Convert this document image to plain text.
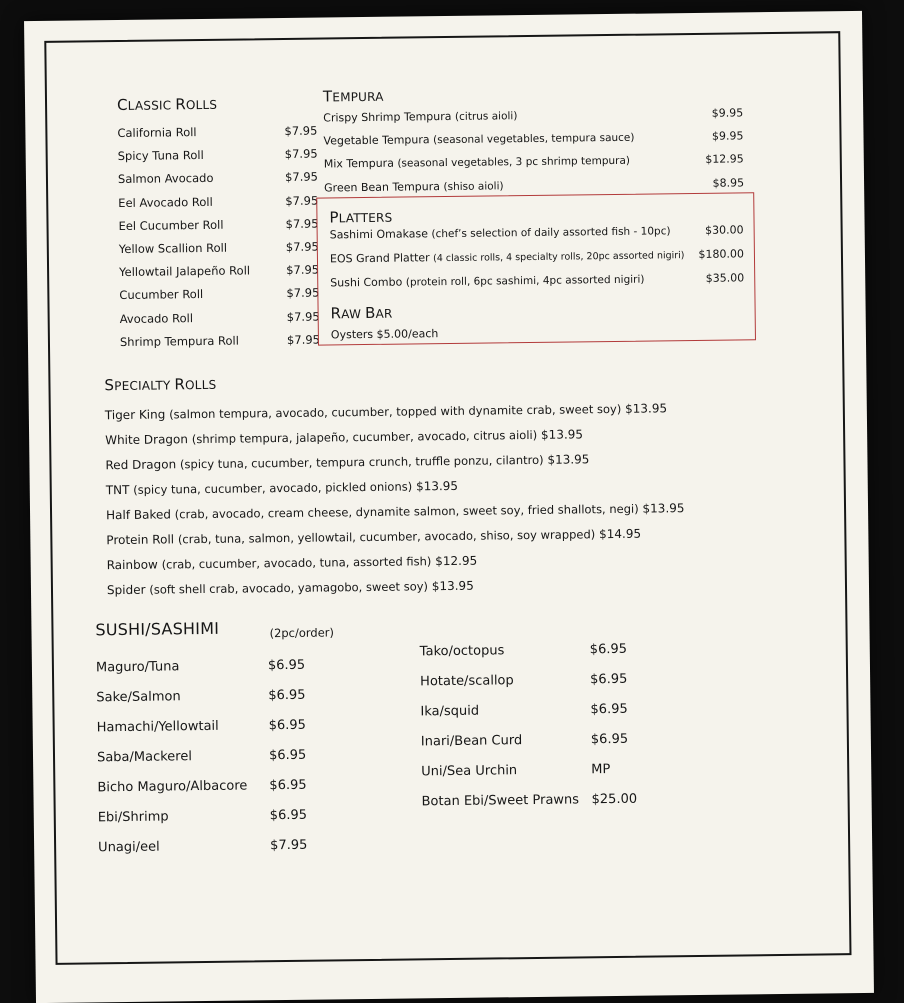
CLASSIC ROLLS
California Roll	$7.95
Spicy Tuna Roll	$7.95
Salmon Avocado	$7.95
Eel Avocado Roll	$7.95
Eel Cucumber Roll	$7.95
Yellow Scallion Roll	$7.95
Yellowtail Jalapeño Roll	$7.95
Cucumber Roll	$7.95
Avocado Roll	$7.95
Shrimp Tempura Roll	$7.95
TEMPURA
Crispy Shrimp Tempura (citrus aioli)	$9.95
Vegetable Tempura (seasonal vegetables, tempura sauce)	$9.95
Mix Tempura (seasonal vegetables, 3 pc shrimp tempura)	$12.95
Green Bean Tempura (shiso aioli)	$8.95
PLATTERS
Sashimi Omakase (chef’s selection of daily assorted fish - 10pc)	$30.00
EOS Grand Platter (4 classic rolls, 4 specialty rolls, 20pc assorted nigiri) $180.00
Sushi Combo (protein roll, 6pc sashimi, 4pc assorted nigiri)	$35.00
RAW BAR
Oysters
$5.00/each
SPECIALTY ROLLS
Tiger King (salmon tempura, avocado, cucumber, topped with dynamite crab, sweet soy) $13.95
White Dragon (shrimp tempura, jalapeño, cucumber, avocado, citrus aioli) $13.95
Red Dragon (spicy tuna, cucumber, tempura crunch, truffle ponzu, cilantro) $13.95
TNT (spicy tuna, cucumber, avocado, pickled onions) $13.95
Half Baked (crab, avocado, cream cheese, dynamite salmon, sweet soy, fried shallots, negi) $13.95
Protein Roll (crab, tuna, salmon, yellowtail, cucumber, avocado, shiso, soy wrapped) $14.95
Rainbow (crab, cucumber, avocado, tuna, assorted fish) $12.95
Spider (soft shell crab, avocado, yamagobo, sweet soy) $13.95
SUSHI/SASHIMI	(2pc/order)
Maguro/Tuna	$6.95
Sake/Salmon	$6.95
Hamachi/Yellowtail	$6.95
Saba/Mackerel	$6.95
Bicho Maguro/Albacore	$6.95
Ebi/Shrimp	$6.95
Unagi/eel	$7.95
Tako/octopus	$6.95
Hotate/scallop	$6.95
Ika/squid	$6.95
Inari/Bean Curd	$6.95
Uni/Sea Urchin	MP
Botan Ebi/Sweet Prawns $25.00
